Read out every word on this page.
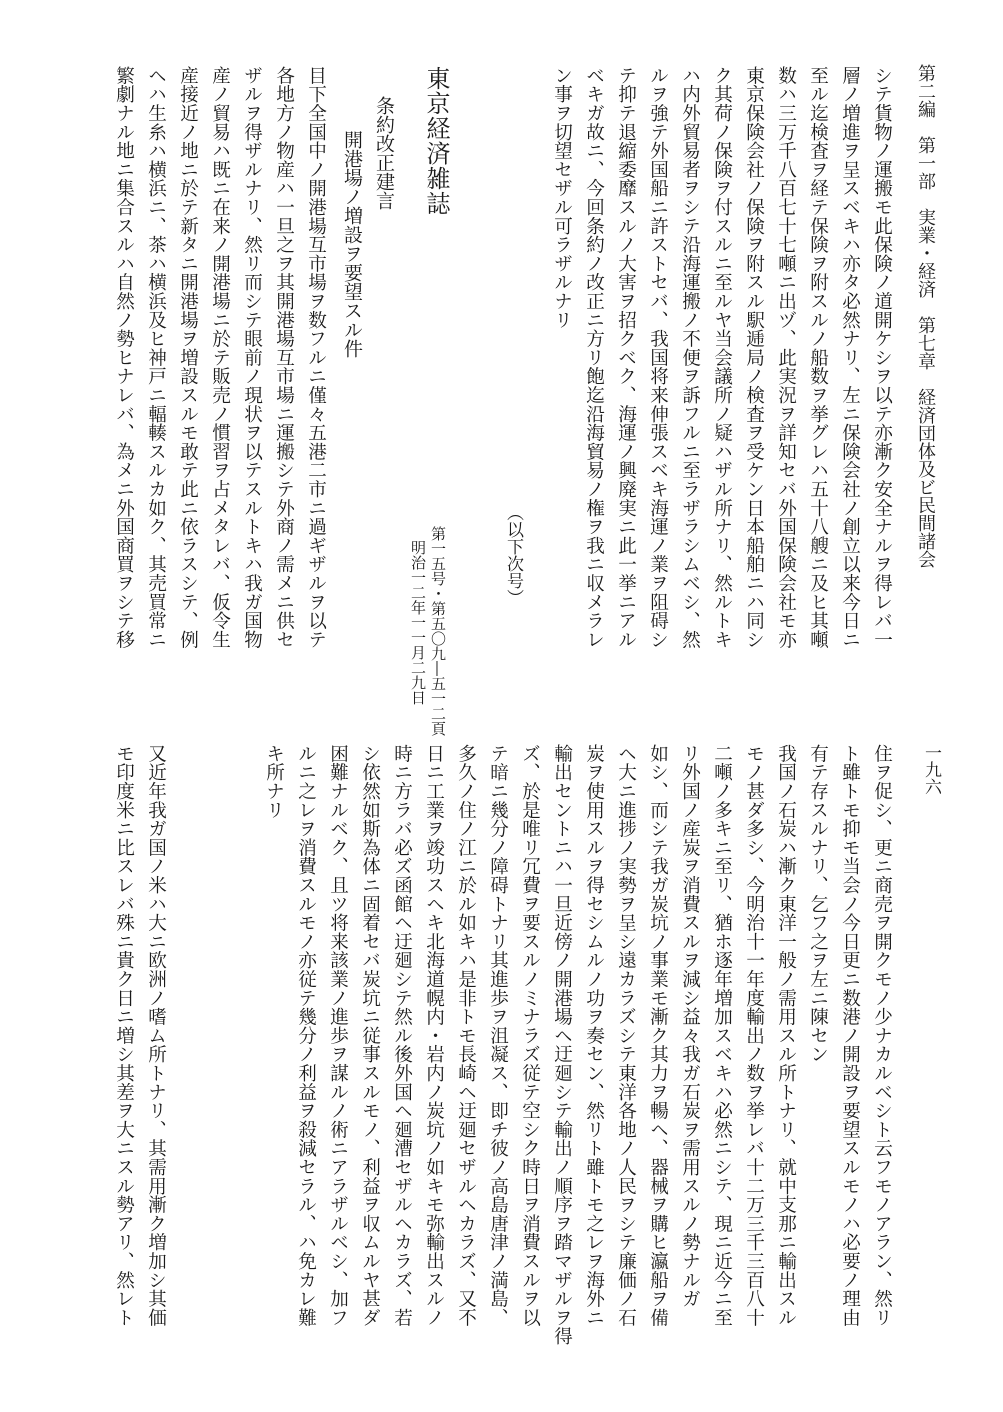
第二編　第一部　実業・経済　第七章　経済団体及ビ民間諸会
一九六
シテ貨物ノ運搬モ此保険ノ道開ケシヲ以テ亦漸ク安全ナルヲ得レバ一
層ノ増進ヲ呈スベキハ亦タ必然ナリ、左ニ保険会社ノ創立以来今日ニ
至ル迄検査ヲ経テ保険ヲ附スルノ船数ヲ挙グレハ五十八艘ニ及ヒ其噸
数ハ三万千八百七十七噸ニ出ヅ、此実況ヲ詳知セバ外国保険会社モ亦
東京保険会社ノ保険ヲ附スル駅逓局ノ検査ヲ受ケン日本船舶ニハ同シ
ク其荷ノ保険ヲ付スルニ至ルヤ当会議所ノ疑ハザル所ナリ、然ルトキ
ハ内外貿易者ヲシテ沿海運搬ノ不便ヲ訴フルニ至ラザラシムベシ、然
ルヲ強テ外国船ニ許ストセバ、我国将来伸張スベキ海運ノ業ヲ阻碍シ
テ抑テ退縮委靡スルノ大害ヲ招クベク、海運ノ興廃実ニ此一挙ニアル
ベキガ故ニ、今回条約ノ改正ニ方リ飽迄沿海貿易ノ権ヲ我ニ収メラレ
ン事ヲ切望セザル可ラザルナリ
（以下次号）
東京経済雑誌
第一五号・第五〇九―五一二頁
明治一二年一一月二九日
条約改正建言
開港場ノ増設ヲ要望スル件
目下全国中ノ開港場互市場ヲ数フルニ僅々五港二市ニ過ギザルヲ以テ
各地方ノ物産ハ一旦之ヲ其開港場互市場ニ運搬シテ外商ノ需メニ供セ
ザルヲ得ザルナリ、然リ而シテ眼前ノ現状ヲ以テスルトキハ我ガ国物
産ノ貿易ハ既ニ在来ノ開港場ニ於テ販売ノ慣習ヲ占メタレバ、仮令生
産接近ノ地ニ於テ新タニ開港場ヲ増設スルモ敢テ此ニ依ラスシテ、例
ヘハ生糸ハ横浜ニ、茶ハ横浜及ヒ神戸ニ輻輳スルカ如ク、其売買常ニ
繁劇ナル地ニ集合スルハ自然ノ勢ヒナレバ、為メニ外国商買ヲシテ移
住ヲ促シ、更ニ商売ヲ開クモノ少ナカルベシト云フモノアラン、然リ
ト雖トモ抑モ当会ノ今日更ニ数港ノ開設ヲ要望スルモノハ必要ノ理由
有テ存スルナリ、乞フ之ヲ左ニ陳セン
我国ノ石炭ハ漸ク東洋一般ノ需用スル所トナリ、就中支那ニ輸出スル
モノ甚ダ多シ、今明治十一年度輸出ノ数ヲ挙レバ十二万三千三百八十
二噸ノ多キニ至リ、猶ホ逐年増加スベキハ必然ニシテ、現ニ近今ニ至
リ外国ノ産炭ヲ消費スルヲ減シ益々我ガ石炭ヲ需用スルノ勢ナルガ
如シ、而シテ我ガ炭坑ノ事業モ漸ク其力ヲ暢ヘ、器械ヲ購ヒ瀛船ヲ備
ヘ大ニ進捗ノ実勢ヲ呈シ遠カラズシテ東洋各地ノ人民ヲシテ廉価ノ石
炭ヲ使用スルヲ得セシムルノ功ヲ奏セン、然リト雖トモ之レヲ海外ニ
輸出セントニハ一旦近傍ノ開港場ヘ迂廻シテ輸出ノ順序ヲ踏マザルヲ得
ズ、於是唯リ冗費ヲ要スルノミナラズ従テ空シク時日ヲ消費スルヲ以
テ暗ニ幾分ノ障碍トナリ其進歩ヲ沮凝ス、即チ彼ノ高島唐津ノ満島、
多久ノ住ノ江ニ於ル如キハ是非トモ長崎ヘ迂廻セザルヘカラズ、又不
日ニ工業ヲ竣功スヘキ北海道幌内・岩内ノ炭坑ノ如キモ弥輸出スルノ
時ニ方ラバ必ズ函館ヘ迂廻シテ然ル後外国ヘ廻漕セザルヘカラズ、若
シ依然如斯為体ニ固着セバ炭坑ニ従事スルモノ、利益ヲ収ムルヤ甚ダ
困難ナルベク、且ツ将来該業ノ進歩ヲ謀ルノ術ニアラザルベシ、加フ
ルニ之レヲ消費スルモノ亦従テ幾分ノ利益ヲ殺減セラル、ハ免カレ難
キ所ナリ
又近年我ガ国ノ米ハ大ニ欧洲ノ嗜ム所トナリ、其需用漸ク増加シ其価
モ印度米ニ比スレバ殊ニ貴ク日ニ増シ其差ヲ大ニスル勢アリ、然レト
